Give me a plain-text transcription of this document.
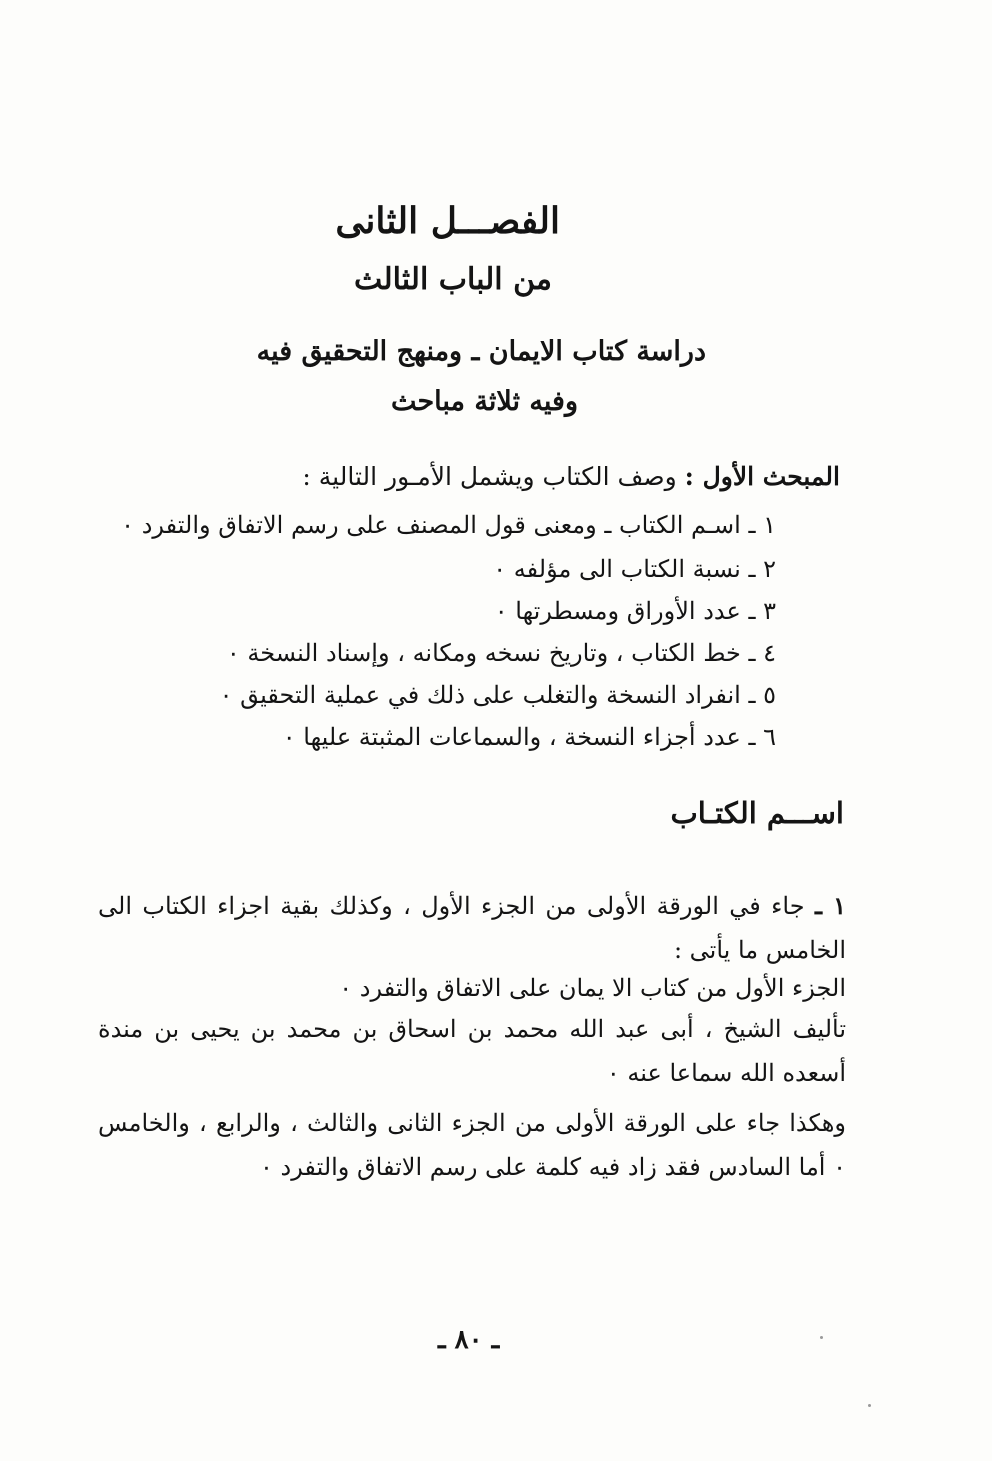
الفصـــل الثانى
من الباب الثالث
دراسة كتاب الايمان ـ ومنهج التحقيق فيه
وفيه ثلاثة مباحث
المبحث الأول : وصف الكتاب ويشمل الأمـور التالية :
١ ـ اسـم الكتاب ـ ومعنى قول المصنف على رسم الاتفاق والتفرد ٠
٢ ـ نسبة الكتاب الى مؤلفه ٠
٣ ـ عدد الأوراق ومسطرتها ٠
٤ ـ خط الكتاب ، وتاريخ نسخه ومكانه ، وإسناد النسخة ٠
٥ ـ انفراد النسخة والتغلب على ذلك في عملية التحقيق ٠
٦ ـ عدد أجزاء النسخة ، والسماعات المثبتة عليها ٠
اســـم الكتـاب
١ ـ جاء في الورقة الأولى من الجزء الأول ، وكذلك بقية اجزاء الكتاب الى الخامس ما يأتى :
الجزء الأول من كتاب الا يمان على الاتفاق والتفرد ٠
تأليف الشيخ ، أبى عبد الله محمد بن اسحاق بن محمد بن يحيى بن مندة أسعده الله سماعا عنه ٠
وهكذا جاء على الورقة الأولى من الجزء الثانى والثالث ، والرابع ، والخامس ٠ أما السادس فقد زاد فيه كلمة على رسم الاتفاق والتفرد ٠
ـ ٨٠ ـ
